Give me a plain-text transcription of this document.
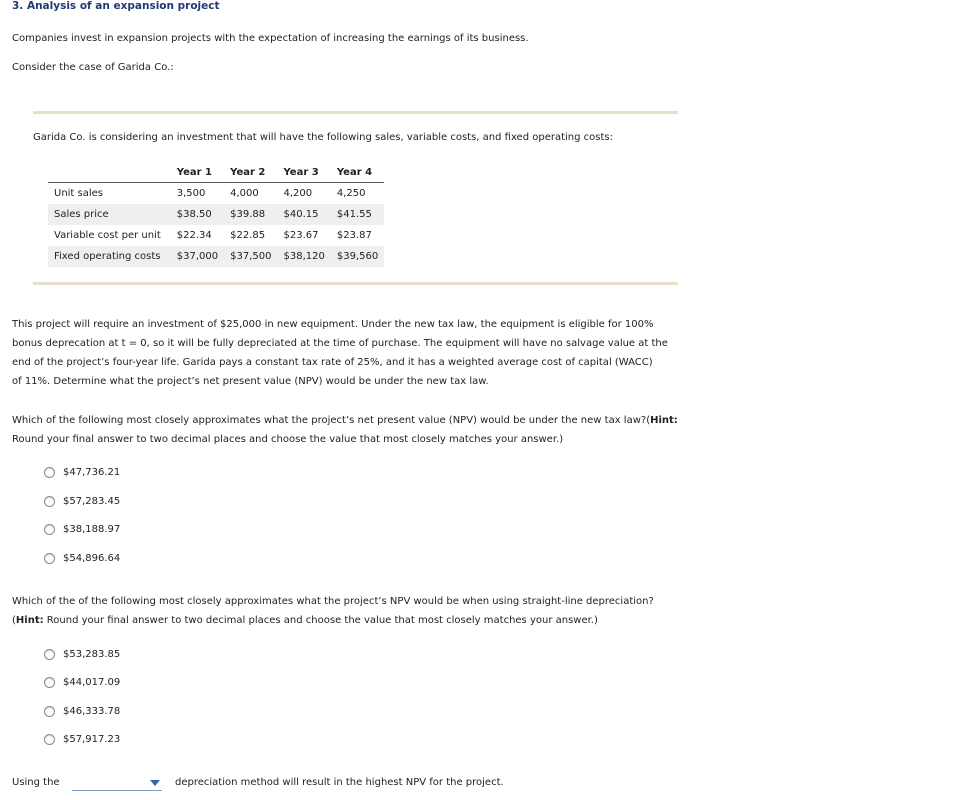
3. Analysis of an expansion project
Companies invest in expansion projects with the expectation of increasing the earnings of its business.
Consider the case of Garida Co.:
Garida Co. is considering an investment that will have the following sales, variable costs, and fixed operating costs:
	Year 1	Year 2	Year 3	Year 4
Unit sales	3,500	4,000	4,200	4,250
Sales price	$38.50	$39.88	$40.15	$41.55
Variable cost per unit	$22.34	$22.85	$23.67	$23.87
Fixed operating costs	$37,000	$37,500	$38,120	$39,560
This project will require an investment of $25,000 in new equipment. Under the new tax law, the equipment is eligible for 100%
bonus deprecation at t = 0, so it will be fully depreciated at the time of purchase. The equipment will have no salvage value at the
end of the project’s four-year life. Garida pays a constant tax rate of 25%, and it has a weighted average cost of capital (WACC)
of 11%. Determine what the project’s net present value (NPV) would be under the new tax law.
Which of the following most closely approximates what the project’s net present value (NPV) would be under the new tax law?(Hint:
Round your final answer to two decimal places and choose the value that most closely matches your answer.)
$47,736.21
$57,283.45
$38,188.97
$54,896.64
Which of the of the following most closely approximates what the project’s NPV would be when using straight-line depreciation?
(Hint: Round your final answer to two decimal places and choose the value that most closely matches your answer.)
$53,283.85
$44,017.09
$46,333.78
$57,917.23
Using the	depreciation method will result in the highest NPV for the project.
